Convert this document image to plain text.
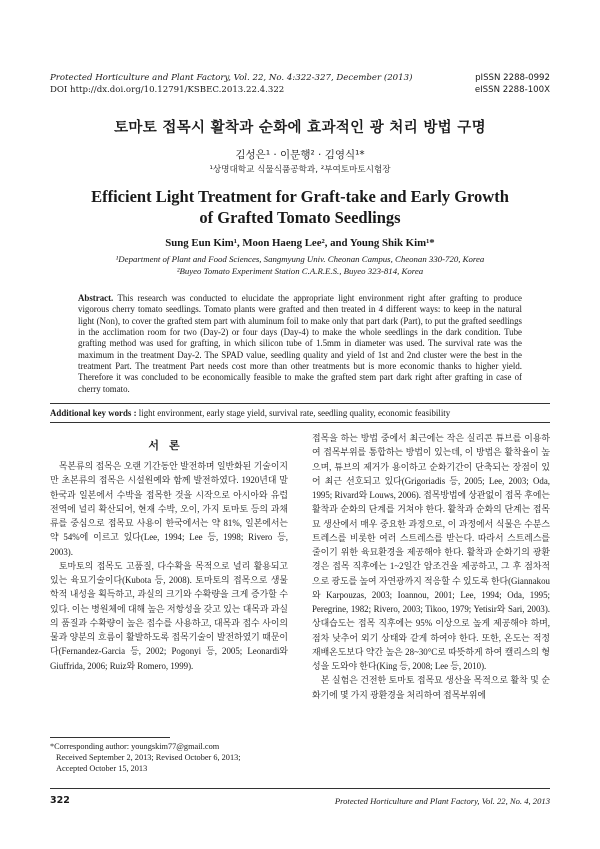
Protected Horticulture and Plant Factory, Vol. 22, No. 4:322-327, December (2013)
DOI http://dx.doi.org/10.12791/KSBEC.2013.22.4.322
pISSN 2288-0992
eISSN 2288-100X
토마토 접목시 활착과 순화에 효과적인 광 처리 방법 구명
김성은¹ · 이문행² · 김영식¹*
¹상명대학교 식물식품공학과, ²부여토마토시험장
Efficient Light Treatment for Graft-take and Early Growth
of Grafted Tomato Seedlings
Sung Eun Kim¹, Moon Haeng Lee², and Young Shik Kim¹*
¹Department of Plant and Food Sciences, Sangmyung Univ. Cheonan Campus, Cheonan 330-720, Korea
²Buyeo Tomato Experiment Station C.A.R.E.S., Buyeo 323-814, Korea
Abstract. This research was conducted to elucidate the appropriate light environment right after grafting to produce vigorous cherry tomato seedlings. Tomato plants were grafted and then treated in 4 different ways: to keep in the natural light (Non), to cover the grafted stem part with aluminum foil to make only that part dark (Part), to put the grafted seedlings in the acclimation room for two (Day-2) or four days (Day-4) to make the whole seedlings in the dark condition. Tube grafting method was used for grafting, in which silicon tube of 1.5mm in diameter was used. The survival rate was the maximum in the treatment Day-2. The SPAD value, seedling quality and yield of 1st and 2nd cluster were the best in the treatment Part. The treatment Part needs cost more than other treatments but is more economic thanks to higher yield. Therefore it was concluded to be economically feasible to make the grafted stem part dark right after grafting in case of cherry tomato.
Additional key words : light environment, early stage yield, survival rate, seedling quality, economic feasibility
서론

목본류의 접목은 오랜 기간동안 발전하며 일반화된 기술이지만 초본류의 접목은 시설원예와 함께 발전하였다. 1920년대 말 한국과 일본에서 수박을 접목한 것을 시작으로 아시아와 유럽 전역에 널리 확산되어, 현재 수박, 오이, 가지 토마토 등의 과채류를 중심으로 접목묘 사용이 한국에서는 약 81%, 일본에서는 약 54%에 이르고 있다(Lee, 1994; Lee 등, 1998; Rivero 등, 2003).

토마토의 접목도 고품질, 다수확을 목적으로 널리 활용되고 있는 육묘기술이다(Kubota 등, 2008). 토마토의 접목으로 생물학적 내성을 획득하고, 과실의 크기와 수확량을 크게 증가할 수 있다. 이는 병원체에 대해 높은 저항성을 갖고 있는 대목과 과실의 품질과 수확량이 높은 접수를 사용하고, 대목과 접수 사이의 물과 양분의 흐름이 활발하도록 접목기술이 발전하였기 때문이다(Fernandez-Garcia 등, 2002; Pogonyi 등, 2005; Leonardi와 Giuffrida, 2006; Ruiz와 Romero, 1999).

접목을 하는 방법 중에서 최근에는 작은 실리콘 튜브를 이용하여 접목부위를 통합하는 방법이 있는데, 이 방법은 활착율이 높으며, 튜브의 제거가 용이하고 순화기간이 단축되는 장점이 있어 최근 선호되고 있다(Grigoriadis 등, 2005; Lee, 2003; Oda, 1995; Rivard와 Louws, 2006). 접목방법에 상관없이 접목 후에는 활착과 순화의 단계를 거쳐야 한다. 활착과 순화의 단계는 접목묘 생산에서 매우 중요한 과정으로, 이 과정에서 식물은 수분스트레스를 비롯한 여러 스트레스를 받는다. 따라서 스트레스를 줄이기 위한 육묘환경을 제공해야 한다. 활착과 순화기의 광환경은 접목 직후에는 1~2일간 암조건을 제공하고, 그 후 점차적으로 광도를 높여 자연광까지 적응할 수 있도록 한다(Giannakou와 Karpouzas, 2003; Ioannou, 2001; Lee, 1994; Oda, 1995; Peregrine, 1982; Rivero, 2003; Tikoo, 1979; Yetisir와 Sari, 2003). 상대습도는 접목 직후에는 95% 이상으로 높게 제공해야 하며, 점차 낮추어 외기 상태와 같게 하여야 한다. 또한, 온도는 적정 재배온도보다 약간 높은 28~30°C로 따뜻하게 하여 캘리스의 형성을 도와야 한다(King 등, 2008; Lee 등, 2010).

본 실험은 건전한 토마토 접목묘 생산을 목적으로 활착 및 순화기에 몇 가지 광환경을 처리하여 접목부위에

*Corresponding author: youngskim77@gmail.com
Received September 2, 2013; Revised October 6, 2013;
Accepted October 15, 2013
322	Protected Horticulture and Plant Factory, Vol. 22, No. 4, 2013
